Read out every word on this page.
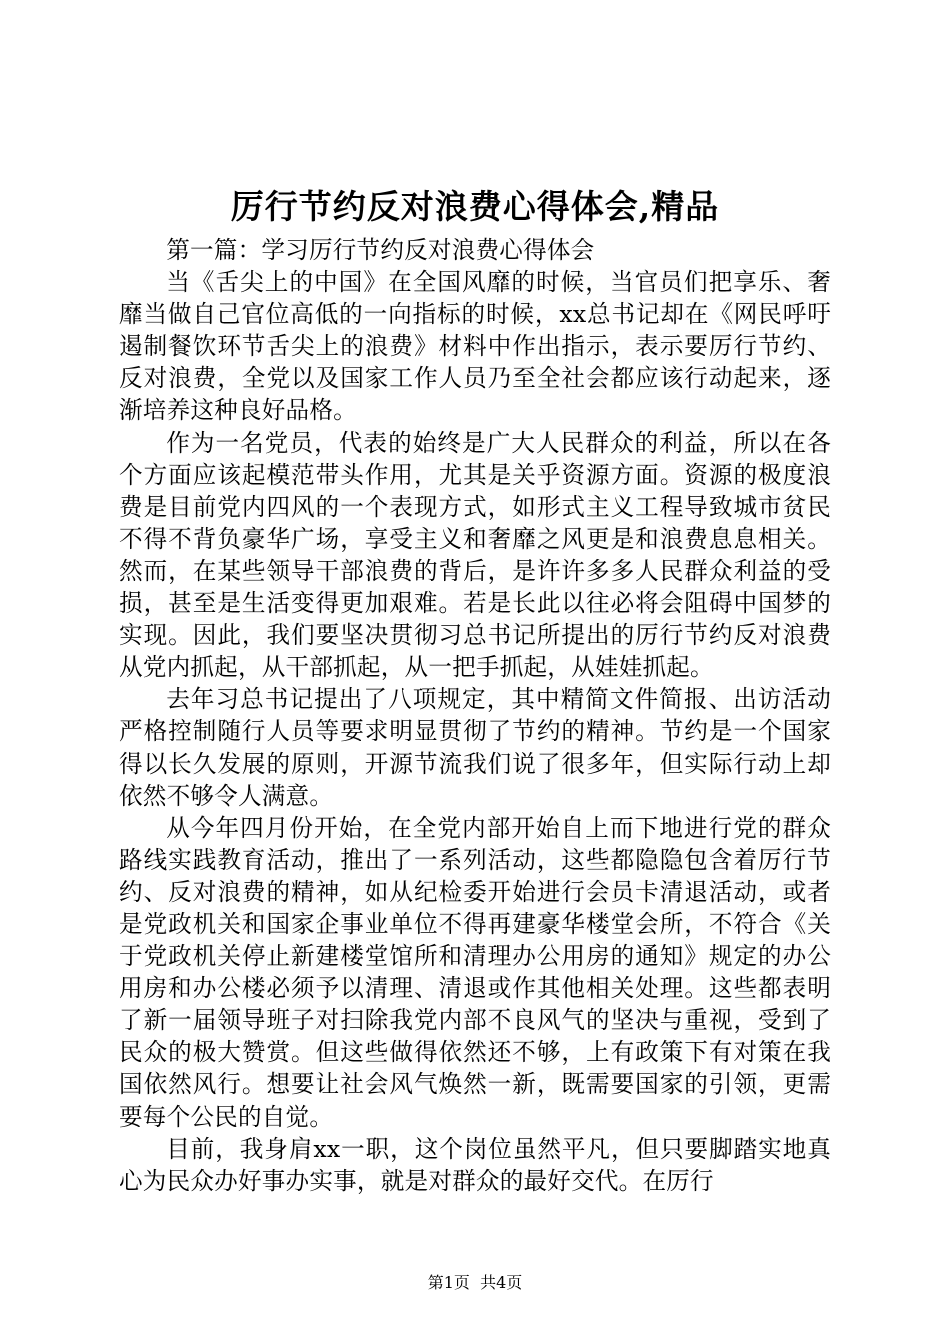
厉行节约反对浪费心得体会,精品

第一篇：学习厉行节约反对浪费心得体会

当《舌尖上的中国》在全国风靡的时候，当官员们把享乐、奢靡当做自己官位高低的一向指标的时候，xx总书记却在《网民呼吁遏制餐饮环节舌尖上的浪费》材料中作出指示，表示要厉行节约、反对浪费，全党以及国家工作人员乃至全社会都应该行动起来，逐渐培养这种良好品格。

作为一名党员，代表的始终是广大人民群众的利益，所以在各个方面应该起模范带头作用，尤其是关乎资源方面。资源的极度浪费是目前党内四风的一个表现方式，如形式主义工程导致城市贫民不得不背负豪华广场，享受主义和奢靡之风更是和浪费息息相关。然而，在某些领导干部浪费的背后，是许许多多人民群众利益的受损，甚至是生活变得更加艰难。若是长此以往必将会阻碍中国梦的实现。因此，我们要坚决贯彻习总书记所提出的厉行节约反对浪费从党内抓起，从干部抓起，从一把手抓起，从娃娃抓起。

去年习总书记提出了八项规定，其中精简文件简报、出访活动严格控制随行人员等要求明显贯彻了节约的精神。节约是一个国家得以长久发展的原则，开源节流我们说了很多年，但实际行动上却依然不够令人满意。

从今年四月份开始，在全党内部开始自上而下地进行党的群众路线实践教育活动，推出了一系列活动，这些都隐隐包含着厉行节约、反对浪费的精神，如从纪检委开始进行会员卡清退活动，或者是党政机关和国家企事业单位不得再建豪华楼堂会所，不符合《关于党政机关停止新建楼堂馆所和清理办公用房的通知》规定的办公用房和办公楼必须予以清理、清退或作其他相关处理。这些都表明了新一届领导班子对扫除我党内部不良风气的坚决与重视，受到了民众的极大赞赏。但这些做得依然还不够，上有政策下有对策在我国依然风行。想要让社会风气焕然一新，既需要国家的引领，更需要每个公民的自觉。

目前，我身肩xx一职，这个岗位虽然平凡，但只要脚踏实地真心为民众办好事办实事，就是对群众的最好交代。在厉行

第1页 共4页
